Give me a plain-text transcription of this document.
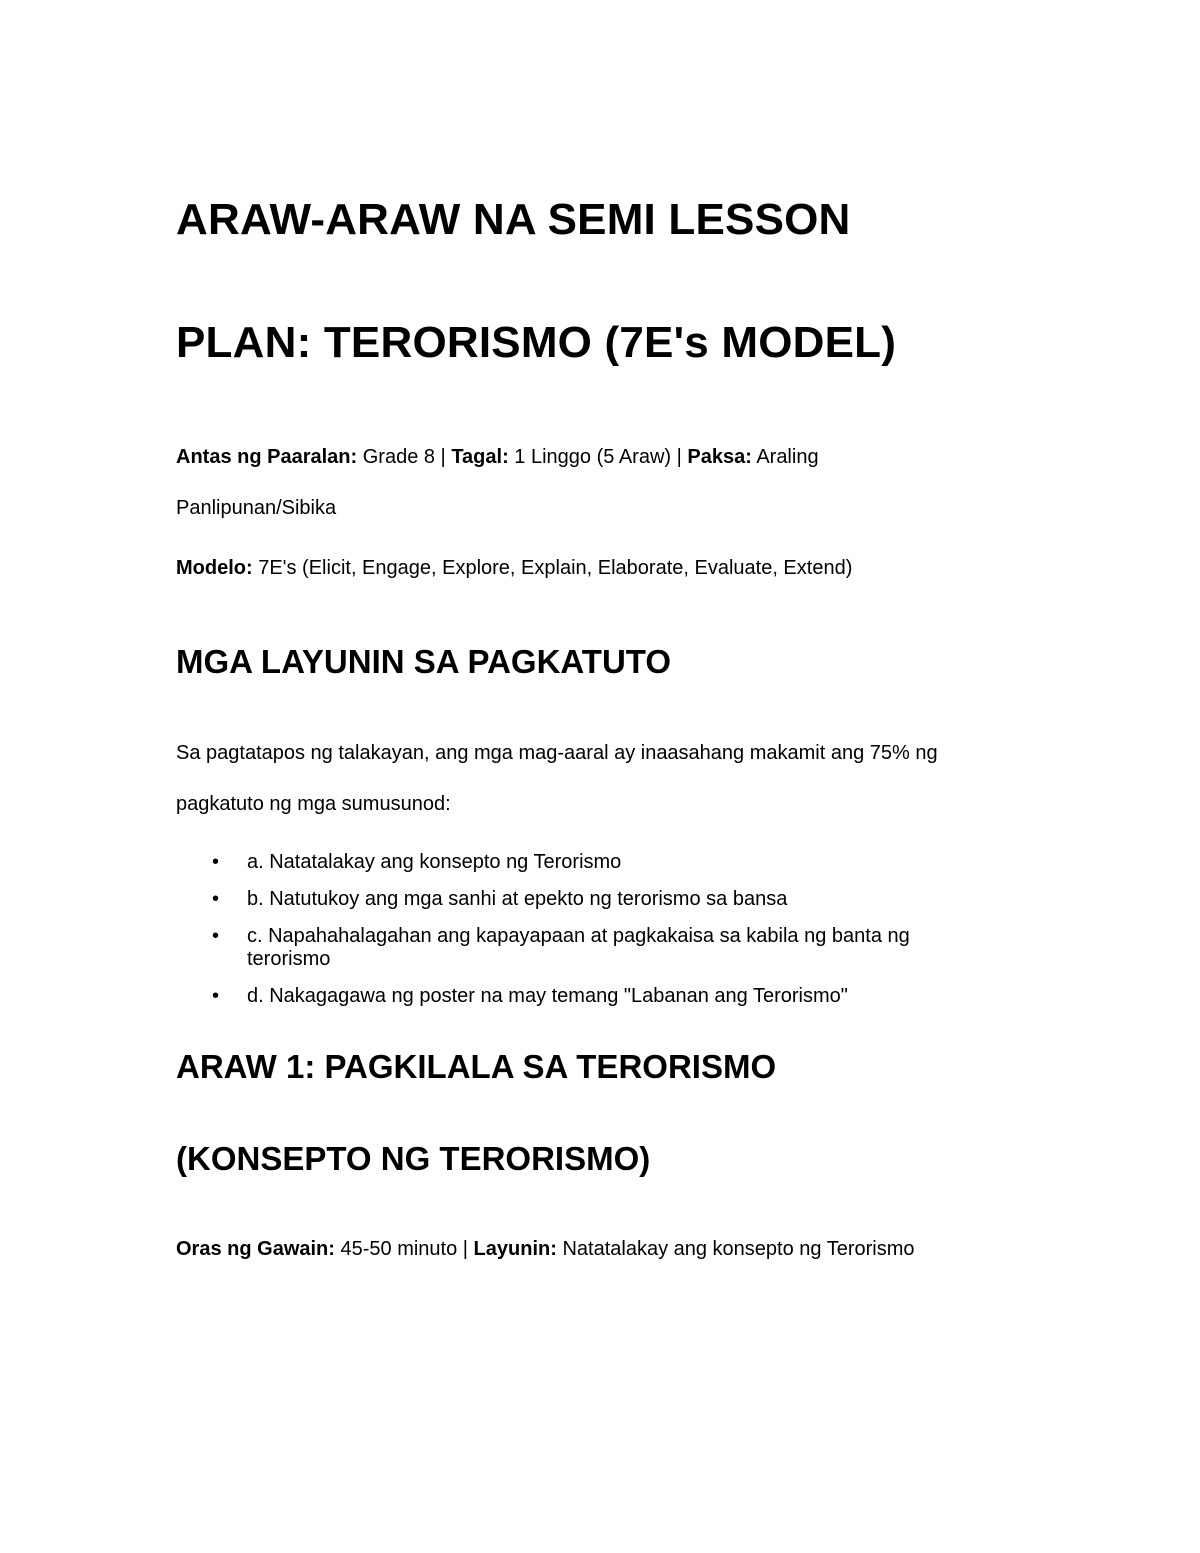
ARAW-ARAW NA SEMI LESSON
PLAN: TERORISMO (7E's MODEL)
Antas ng Paaralan: Grade 8 | Tagal: 1 Linggo (5 Araw) | Paksa: Araling
Panlipunan/Sibika
Modelo: 7E's (Elicit, Engage, Explore, Explain, Elaborate, Evaluate, Extend)
MGA LAYUNIN SA PAGKATUTO
Sa pagtatapos ng talakayan, ang mga mag-aaral ay inaasahang makamit ang 75% ng
pagkatuto ng mga sumusunod:
• a. Natatalakay ang konsepto ng Terorismo
• b. Natutukoy ang mga sanhi at epekto ng terorismo sa bansa
• c. Napahahalagahan ang kapayapaan at pagkakaisa sa kabila ng banta ng terorismo
• d. Nakagagawa ng poster na may temang "Labanan ang Terorismo"
ARAW 1: PAGKILALA SA TERORISMO
(KONSEPTO NG TERORISMO)
Oras ng Gawain: 45-50 minuto | Layunin: Natatalakay ang konsepto ng Terorismo
